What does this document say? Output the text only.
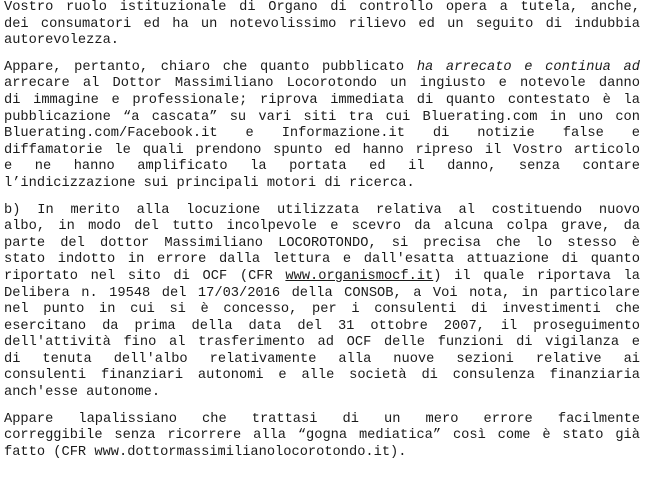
Vostro ruolo istituzionale di Organo di controllo opera a tutela, anche,
dei consumatori ed ha un notevolissimo rilievo ed un seguito di indubbia
autorevolezza.
Appare, pertanto, chiaro che quanto pubblicato ha arrecato e continua ad
arrecare al Dottor Massimiliano Locorotondo un ingiusto e notevole danno
di immagine e professionale; riprova immediata di quanto contestato è la
pubblicazione “a cascata” su vari siti tra cui Bluerating.com in uno con
Bluerating.com/Facebook.it e Informazione.it di notizie false e
diffamatorie le quali prendono spunto ed hanno ripreso il Vostro articolo
e ne hanno amplificato la portata ed il danno, senza contare
l’indicizzazione sui principali motori di ricerca.
b) In merito alla locuzione utilizzata relativa al costituendo nuovo
albo, in modo del tutto incolpevole e scevro da alcuna colpa grave, da
parte del dottor Massimiliano LOCOROTONDO, si precisa che lo stesso è
stato indotto in errore dalla lettura e dall'esatta attuazione di quanto
riportato nel sito di OCF (CFR www.organismocf.it) il quale riportava la
Delibera n. 19548 del 17/03/2016 della CONSOB, a Voi nota, in particolare
nel punto in cui si è concesso, per i consulenti di investimenti che
esercitano da prima della data del 31 ottobre 2007, il proseguimento
dell'attività fino al trasferimento ad OCF delle funzioni di vigilanza e
di tenuta dell'albo relativamente alla nuove sezioni relative ai
consulenti finanziari autonomi e alle società di consulenza finanziaria
anch'esse autonome.
Appare lapalissiano che trattasi di un mero errore facilmente
correggibile senza ricorrere alla “gogna mediatica” così come è stato già
fatto (CFR www.dottormassimilianolocorotondo.it).
